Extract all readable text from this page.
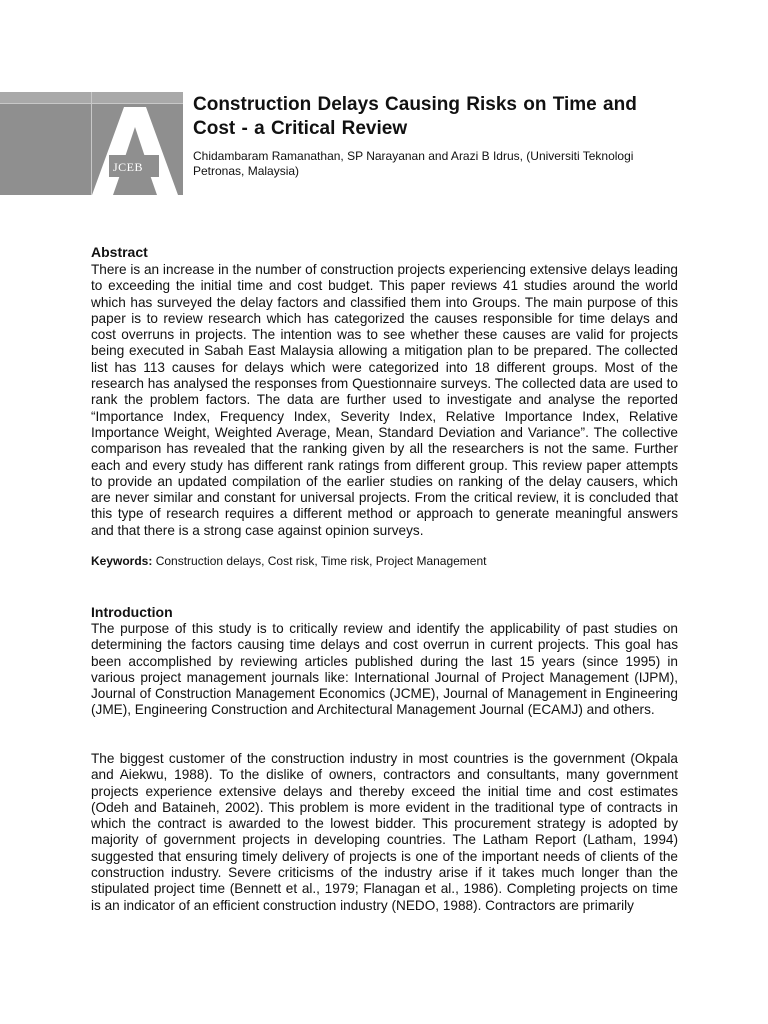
JCEB

Construction Delays Causing Risks on Time and
Cost - a Critical Review

Chidambaram Ramanathan, SP Narayanan and Arazi B Idrus, (Universiti Teknologi
Petronas, Malaysia)
Abstract

There is an increase in the number of construction projects experiencing extensive delays leading to exceeding the initial time and cost budget. This paper reviews 41 studies around the world which has surveyed the delay factors and classified them into Groups. The main purpose of this paper is to review research which has categorized the causes responsible for time delays and cost overruns in projects. The intention was to see whether these causes are valid for projects being executed in Sabah East Malaysia allowing a mitigation plan to be prepared. The collected list has 113 causes for delays which were categorized into 18 different groups. Most of the research has analysed the responses from Questionnaire surveys. The collected data are used to rank the problem factors. The data are further used to investigate and analyse the reported “Importance Index, Frequency Index, Severity Index, Relative Importance Index, Relative Importance Weight, Weighted Average, Mean, Standard Deviation and Variance”. The collective comparison has revealed that the ranking given by all the researchers is not the same. Further each and every study has different rank ratings from different group. This review paper attempts to provide an updated compilation of the earlier studies on ranking of the delay causers, which are never similar and constant for universal projects. From the critical review, it is concluded that this type of research requires a different method or approach to generate meaningful answers and that there is a strong case against opinion surveys.

Keywords: Construction delays, Cost risk, Time risk, Project Management
Introduction

The purpose of this study is to critically review and identify the applicability of past studies on determining the factors causing time delays and cost overrun in current projects. This goal has been accomplished by reviewing articles published during the last 15 years (since 1995) in various project management journals like: International Journal of Project Management (IJPM), Journal of Construction Management Economics (JCME), Journal of Management in Engineering (JME), Engineering Construction and Architectural Management Journal (ECAMJ) and others.

The biggest customer of the construction industry in most countries is the government (Okpala and Aiekwu, 1988). To the dislike of owners, contractors and consultants, many government projects experience extensive delays and thereby exceed the initial time and cost estimates (Odeh and Bataineh, 2002). This problem is more evident in the traditional type of contracts in which the contract is awarded to the lowest bidder. This procurement strategy is adopted by majority of government projects in developing countries. The Latham Report (Latham, 1994) suggested that ensuring timely delivery of projects is one of the important needs of clients of the construction industry. Severe criticisms of the industry arise if it takes much longer than the stipulated project time (Bennett et al., 1979; Flanagan et al., 1986). Completing projects on time is an indicator of an efficient construction industry (NEDO, 1988). Contractors are primarily
